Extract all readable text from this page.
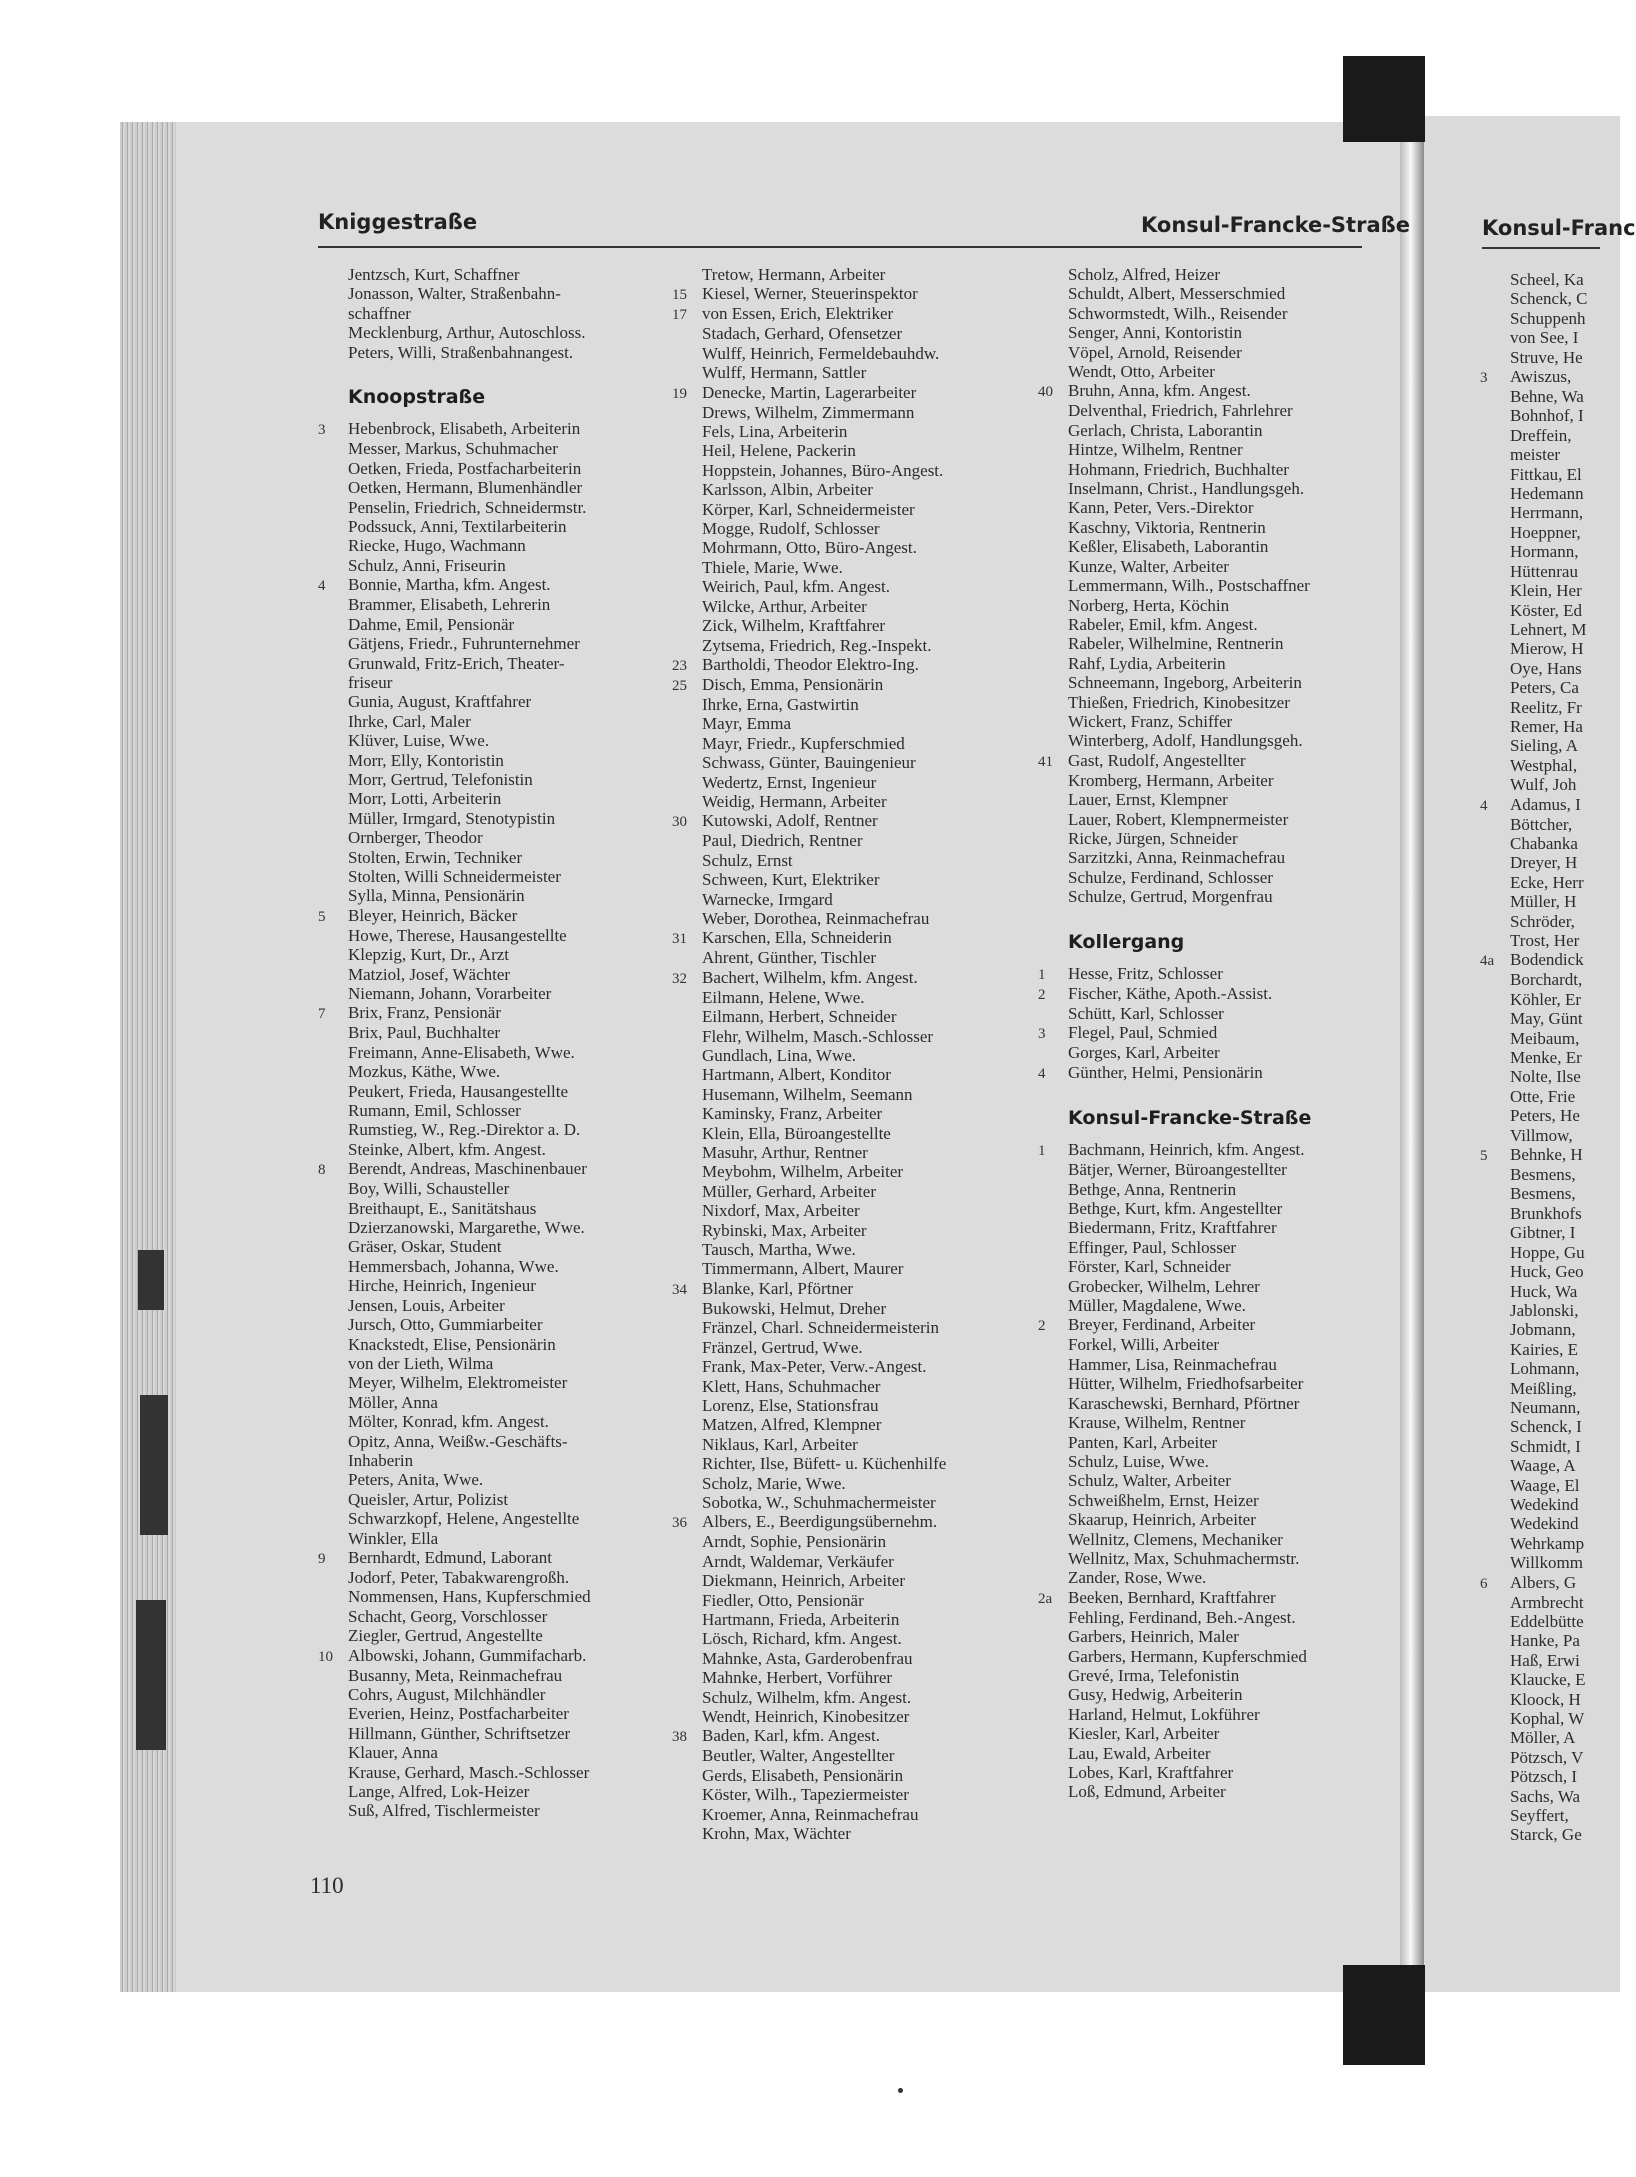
Kniggestraße	Konsul-Francke-Straße	Konsul-Franc
Jentzsch, Kurt, Schaffner
Jonasson, Walter, Straßenbahn-
schaffner
Mecklenburg, Arthur, Autoschloss.
Peters, Willi, Straßenbahnangest.
Knoopstraße
3	Hebenbrock, Elisabeth, Arbeiterin
Messer, Markus, Schuhmacher
Oetken, Frieda, Postfacharbeiterin
Oetken, Hermann, Blumenhändler
Penselin, Friedrich, Schneidermstr.
Podssuck, Anni, Textilarbeiterin
Riecke, Hugo, Wachmann
Schulz, Anni, Friseurin
4	Bonnie, Martha, kfm. Angest.
Brammer, Elisabeth, Lehrerin
Dahme, Emil, Pensionär
Gätjens, Friedr., Fuhrunternehmer
Grunwald, Fritz-Erich, Theater-
friseur
Gunia, August, Kraftfahrer
Ihrke, Carl, Maler
Klüver, Luise, Wwe.
Morr, Elly, Kontoristin
Morr, Gertrud, Telefonistin
Morr, Lotti, Arbeiterin
Müller, Irmgard, Stenotypistin
Ornberger, Theodor
Stolten, Erwin, Techniker
Stolten, Willi Schneidermeister
Sylla, Minna, Pensionärin
5	Bleyer, Heinrich, Bäcker
Howe, Therese, Hausangestellte
Klepzig, Kurt, Dr., Arzt
Matziol, Josef, Wächter
Niemann, Johann, Vorarbeiter
7	Brix, Franz, Pensionär
Brix, Paul, Buchhalter
Freimann, Anne-Elisabeth, Wwe.
Mozkus, Käthe, Wwe.
Peukert, Frieda, Hausangestellte
Rumann, Emil, Schlosser
Rumstieg, W., Reg.-Direktor a. D.
Steinke, Albert, kfm. Angest.
8	Berendt, Andreas, Maschinenbauer
Boy, Willi, Schausteller
Breithaupt, E., Sanitätshaus
Dzierzanowski, Margarethe, Wwe.
Gräser, Oskar, Student
Hemmersbach, Johanna, Wwe.
Hirche, Heinrich, Ingenieur
Jensen, Louis, Arbeiter
Jursch, Otto, Gummiarbeiter
Knackstedt, Elise, Pensionärin
von der Lieth, Wilma
Meyer, Wilhelm, Elektromeister
Möller, Anna
Mölter, Konrad, kfm. Angest.
Opitz, Anna, Weißw.-Geschäfts-
Inhaberin
Peters, Anita, Wwe.
Queisler, Artur, Polizist
Schwarzkopf, Helene, Angestellte
Winkler, Ella
9	Bernhardt, Edmund, Laborant
Jodorf, Peter, Tabakwarengroßh.
Nommensen, Hans, Kupferschmied
Schacht, Georg, Vorschlosser
Ziegler, Gertrud, Angestellte
10 Albowski, Johann, Gummifacharb.
Busanny, Meta, Reinmachefrau
Cohrs, August, Milchhändler
Everien, Heinz, Postfacharbeiter
Hillmann, Günther, Schriftsetzer
Klauer, Anna
Krause, Gerhard, Masch.-Schlosser
Lange, Alfred, Lok-Heizer
Suß, Alfred, Tischlermeister
Tretow, Hermann, Arbeiter
15 Kiesel, Werner, Steuerinspektor
17 von Essen, Erich, Elektriker
Stadach, Gerhard, Ofensetzer
Wulff, Heinrich, Fermeldebauhdw.
Wulff, Hermann, Sattler
19 Denecke, Martin, Lagerarbeiter
Drews, Wilhelm, Zimmermann
Fels, Lina, Arbeiterin
Heil, Helene, Packerin
Hoppstein, Johannes, Büro-Angest.
Karlsson, Albin, Arbeiter
Körper, Karl, Schneidermeister
Mogge, Rudolf, Schlosser
Mohrmann, Otto, Büro-Angest.
Thiele, Marie, Wwe.
Weirich, Paul, kfm. Angest.
Wilcke, Arthur, Arbeiter
Zick, Wilhelm, Kraftfahrer
Zytsema, Friedrich, Reg.-Inspekt.
23 Bartholdi, Theodor Elektro-Ing.
25 Disch, Emma, Pensionärin
Ihrke, Erna, Gastwirtin
Mayr, Emma
Mayr, Friedr., Kupferschmied
Schwass, Günter, Bauingenieur
Wedertz, Ernst, Ingenieur
Weidig, Hermann, Arbeiter
30 Kutowski, Adolf, Rentner
Paul, Diedrich, Rentner
Schulz, Ernst
Schween, Kurt, Elektriker
Warnecke, Irmgard
Weber, Dorothea, Reinmachefrau
31 Karschen, Ella, Schneiderin
Ahrent, Günther, Tischler
32 Bachert, Wilhelm, kfm. Angest.
Eilmann, Helene, Wwe.
Eilmann, Herbert, Schneider
Flehr, Wilhelm, Masch.-Schlosser
Gundlach, Lina, Wwe.
Hartmann, Albert, Konditor
Husemann, Wilhelm, Seemann
Kaminsky, Franz, Arbeiter
Klein, Ella, Büroangestellte
Masuhr, Arthur, Rentner
Meybohm, Wilhelm, Arbeiter
Müller, Gerhard, Arbeiter
Nixdorf, Max, Arbeiter
Rybinski, Max, Arbeiter
Tausch, Martha, Wwe.
Timmermann, Albert, Maurer
34 Blanke, Karl, Pförtner
Bukowski, Helmut, Dreher
Fränzel, Charl. Schneidermeisterin
Fränzel, Gertrud, Wwe.
Frank, Max-Peter, Verw.-Angest.
Klett, Hans, Schuhmacher
Lorenz, Else, Stationsfrau
Matzen, Alfred, Klempner
Niklaus, Karl, Arbeiter
Richter, Ilse, Büfett- u. Küchenhilfe
Scholz, Marie, Wwe.
Sobotka, W., Schuhmachermeister
36 Albers, E., Beerdigungsübernehm.
Arndt, Sophie, Pensionärin
Arndt, Waldemar, Verkäufer
Diekmann, Heinrich, Arbeiter
Fiedler, Otto, Pensionär
Hartmann, Frieda, Arbeiterin
Lösch, Richard, kfm. Angest.
Mahnke, Asta, Garderobenfrau
Mahnke, Herbert, Vorführer
Schulz, Wilhelm, kfm. Angest.
Wendt, Heinrich, Kinobesitzer
38 Baden, Karl, kfm. Angest.
Beutler, Walter, Angestellter
Gerds, Elisabeth, Pensionärin
Köster, Wilh., Tapeziermeister
Kroemer, Anna, Reinmachefrau
Krohn, Max, Wächter
Scholz, Alfred, Heizer
Schuldt, Albert, Messerschmied
Schwormstedt, Wilh., Reisender
Senger, Anni, Kontoristin
Vöpel, Arnold, Reisender
Wendt, Otto, Arbeiter
40 Bruhn, Anna, kfm. Angest.
Delventhal, Friedrich, Fahrlehrer
Gerlach, Christa, Laborantin
Hintze, Wilhelm, Rentner
Hohmann, Friedrich, Buchhalter
Inselmann, Christ., Handlungsgeh.
Kann, Peter, Vers.-Direktor
Kaschny, Viktoria, Rentnerin
Keßler, Elisabeth, Laborantin
Kunze, Walter, Arbeiter
Lemmermann, Wilh., Postschaffner
Norberg, Herta, Köchin
Rabeler, Emil, kfm. Angest.
Rabeler, Wilhelmine, Rentnerin
Rahf, Lydia, Arbeiterin
Schneemann, Ingeborg, Arbeiterin
Thießen, Friedrich, Kinobesitzer
Wickert, Franz, Schiffer
Winterberg, Adolf, Handlungsgeh.
41 Gast, Rudolf, Angestellter
Kromberg, Hermann, Arbeiter
Lauer, Ernst, Klempner
Lauer, Robert, Klempnermeister
Ricke, Jürgen, Schneider
Sarzitzki, Anna, Reinmachefrau
Schulze, Ferdinand, Schlosser
Schulze, Gertrud, Morgenfrau
Kollergang
1	Hesse, Fritz, Schlosser
2	Fischer, Käthe, Apoth.-Assist.
Schütt, Karl, Schlosser
3	Flegel, Paul, Schmied
Gorges, Karl, Arbeiter
4	Günther, Helmi, Pensionärin
Konsul-Francke-Straße
1	Bachmann, Heinrich, kfm. Angest.
Bätjer, Werner, Büroangestellter
Bethge, Anna, Rentnerin
Bethge, Kurt, kfm. Angestellter
Biedermann, Fritz, Kraftfahrer
Effinger, Paul, Schlosser
Förster, Karl, Schneider
Grobecker, Wilhelm, Lehrer
Müller, Magdalene, Wwe.
2	Breyer, Ferdinand, Arbeiter
Forkel, Willi, Arbeiter
Hammer, Lisa, Reinmachefrau
Hütter, Wilhelm, Friedhofsarbeiter
Karaschewski, Bernhard, Pförtner
Krause, Wilhelm, Rentner
Panten, Karl, Arbeiter
Schulz, Luise, Wwe.
Schulz, Walter, Arbeiter
Schweißhelm, Ernst, Heizer
Skaarup, Heinrich, Arbeiter
Wellnitz, Clemens, Mechaniker
Wellnitz, Max, Schuhmachermstr.
Zander, Rose, Wwe.
2a Beeken, Bernhard, Kraftfahrer
Fehling, Ferdinand, Beh.-Angest.
Garbers, Heinrich, Maler
Garbers, Hermann, Kupferschmied
Grevé, Irma, Telefonistin
Gusy, Hedwig, Arbeiterin
Harland, Helmut, Lokführer
Kiesler, Karl, Arbeiter
Lau, Ewald, Arbeiter
Lobes, Karl, Kraftfahrer
Loß, Edmund, Arbeiter
Scheel, Ka
Schenck, C
Schuppenh
von See, I
Struve, He
3	Awiszus,
Behne, Wa
Bohnhof, I
Dreffein,
meister
Fittkau, El
Hedemann
Herrmann,
Hoeppner,
Hormann,
Hüttenrau
Klein, Her
Köster, Ed
Lehnert, M
Mierow, H
Oye, Hans
Peters, Ca
Reelitz, Fr
Remer, Ha
Sieling, A
Westphal,
Wulf, Joh
4	Adamus, I
Böttcher,
Chabanka
Dreyer, H
Ecke, Herr
Müller, H
Schröder,
Trost, Her
4a Bodendick
Borchardt,
Köhler, Er
May, Günt
Meibaum,
Menke, Er
Nolte, Ilse
Otte, Frie
Peters, He
Villmow,
5	Behnke, H
Besmens,
Besmens,
Brunkhofs
Gibtner, I
Hoppe, Gu
Huck, Geo
Huck, Wa
Jablonski,
Jobmann,
Kairies, E
Lohmann,
Meißling,
Neumann,
Schenck, I
Schmidt, I
Waage, A
Waage, El
Wedekind
Wedekind
Wehrkamp
Willkomm
6	Albers, G
Armbrecht
Eddelbütte
Hanke, Pa
Haß, Erwi
Klaucke, E
Kloock, H
Kophal, W
Möller, A
Pötzsch, V
Pötzsch, I
Sachs, Wa
Seyffert,
Starck, Ge
110
